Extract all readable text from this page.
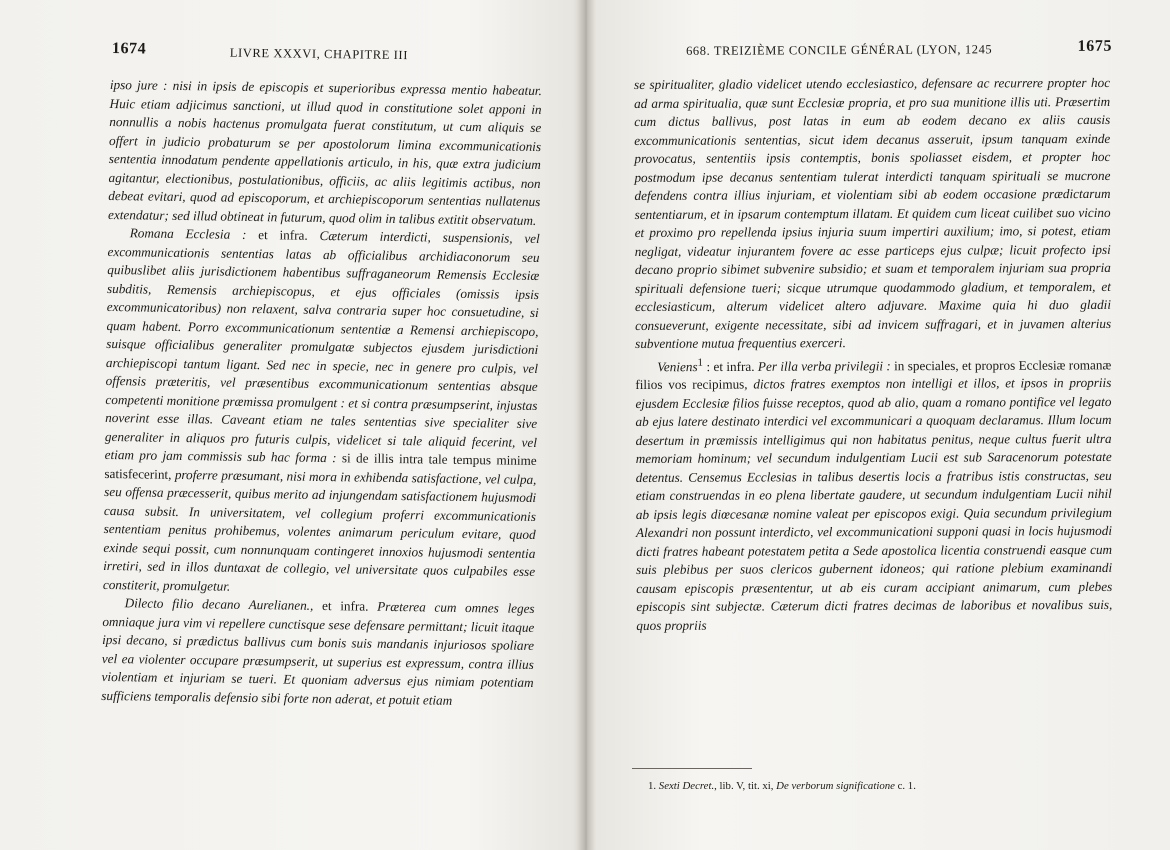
1674	LIVRE XXXVI, CHAPITRE III

ipso jure : nisi in ipsis de episcopis et superioribus expressa mentio habeatur. Huic etiam adjicimus sanctioni, ut illud quod in constitutione solet apponi in nonnullis a nobis hactenus promulgata fuerat constitutum, ut cum aliquis se offert in judicio probaturum se per apostolorum limina excommunicationis sententia innodatum pendente appellationis articulo, in his, quæ extra judicium agitantur, electionibus, postulationibus, officiis, ac aliis legitimis actibus, non debeat evitari, quod ad episcoporum, et archiepiscoporum sententias nullatenus extendatur; sed illud obtineat in futurum, quod olim in talibus extitit observatum.

Romana Ecclesia : et infra. Cæterum interdicti, suspensionis, vel excommunicationis sententias latas ab officialibus archidiaconorum seu quibuslibet aliis jurisdictionem habentibus suffraganeorum Remensis Ecclesiæ subditis, Remensis archiepiscopus, et ejus officiales (omissis ipsis excommunicatoribus) non relaxent, salva contraria super hoc consuetudine, si quam habent. Porro excommunicationum sententiæ a Remensi archiepiscopo, suisque officialibus generaliter promulgatæ subjectos ejusdem jurisdictioni archiepiscopi tantum ligant. Sed nec in specie, nec in genere pro culpis, vel offensis præteritis, vel præsentibus excommunicationum sententias absque competenti monitione præmissa promulgent : et si contra præsumpserint, injustas noverint esse illas. Caveant etiam ne tales sententias sive specialiter sive generaliter in aliquos pro futuris culpis, videlicet si tale aliquid fecerint, vel etiam pro jam commissis sub hac forma : si de illis intra tale tempus minime satisfecerint, proferre præsumant, nisi mora in exhibenda satisfactione, vel culpa, seu offensa præcesserit, quibus merito ad injungendam satisfactionem hujusmodi causa subsit. In universitatem, vel collegium proferri excommunicationis sententiam penitus prohibemus, volentes animarum periculum evitare, quod exinde sequi possit, cum nonnunquam contingeret innoxios hujusmodi sententia irretiri, sed in illos duntaxat de collegio, vel universitate quos culpabiles esse constiterit, promulgetur.

Dilecto filio decano Aurelianen., et infra. Præterea cum omnes leges omniaque jura vim vi repellere cunctisque sese defensare permittant; licuit itaque ipsi decano, si prædictus ballivus cum bonis suis mandanis injuriosos spoliare vel ea violenter occupare præsumpserit, ut superius est expressum, contra illius violentiam et injuriam se tueri. Et quoniam adversus ejus nimiam potentiam sufficiens temporalis defensio sibi forte non aderat, et potuit etiam

668. TREIZIÈME CONCILE GÉNÉRAL (LYON, 1245	1675

se spiritualiter, gladio videlicet utendo ecclesiastico, defensare ac recurrere propter hoc ad arma spiritualia, quæ sunt Ecclesiæ propria, et pro sua munitione illis uti. Præsertim cum dictus ballivus, post latas in eum ab eodem decano ex aliis causis excommunicationis sententias, sicut idem decanus asseruit, ipsum tanquam exinde provocatus, sententiis ipsis contemptis, bonis spoliasset eisdem, et propter hoc postmodum ipse decanus sententiam tulerat interdicti tanquam spirituali se mucrone defendens contra illius injuriam, et violentiam sibi ab eodem occasione prædictarum sententiarum, et in ipsarum contemptum illatam. Et quidem cum liceat cuilibet suo vicino et proximo pro repellenda ipsius injuria suum impertiri auxilium; imo, si potest, etiam negligat, videatur injurantem fovere ac esse particeps ejus culpæ; licuit profecto ipsi decano proprio sibimet subvenire subsidio; et suam et temporalem injuriam sua propria spirituali defensione tueri; sicque utrumque quodammodo gladium, et temporalem, et ecclesiasticum, alterum videlicet altero adjuvare. Maxime quia hi duo gladii consueverunt, exigente necessitate, sibi ad invicem suffragari, et in juvamen alterius subventione mutua frequentius exerceri.

Veniens$^1$ : et infra. Per illa verba privilegii : in speciales, et propros Ecclesiæ romanæ filios vos recipimus, dictos fratres exemptos non intelligi et illos, et ipsos in propriis ejusdem Ecclesiæ filios fuisse receptos, quod ab alio, quam a romano pontifice vel legato ab ejus latere destinato interdici vel excommunicari a quoquam declaramus. Illum locum desertum in præmissis intelligimus qui non habitatus penitus, neque cultus fuerit ultra memoriam hominum; vel secundum indulgentiam Lucii est sub Saracenorum potestate detentus. Censemus Ecclesias in talibus desertis locis a fratribus istis constructas, seu etiam construendas in eo plena libertate gaudere, ut secundum indulgentiam Lucii nihil ab ipsis legis diœcesanæ nomine valeat per episcopos exigi. Quia secundum privilegium Alexandri non possunt interdicto, vel excommunicationi supponi quasi in locis hujusmodi dicti fratres habeant potestatem petita a Sede apostolica licentia construendi easque cum suis plebibus per suos clericos gubernent idoneos; qui ratione plebium examinandi causam episcopis præsententur, ut ab eis curam accipiant animarum, cum plebes episcopis sint subjectæ. Cæterum dicti fratres decimas de laboribus et novalibus suis, quos propriis

1. Sexti Decret., lib. V, tit. xi, De verborum significatione c. 1.
